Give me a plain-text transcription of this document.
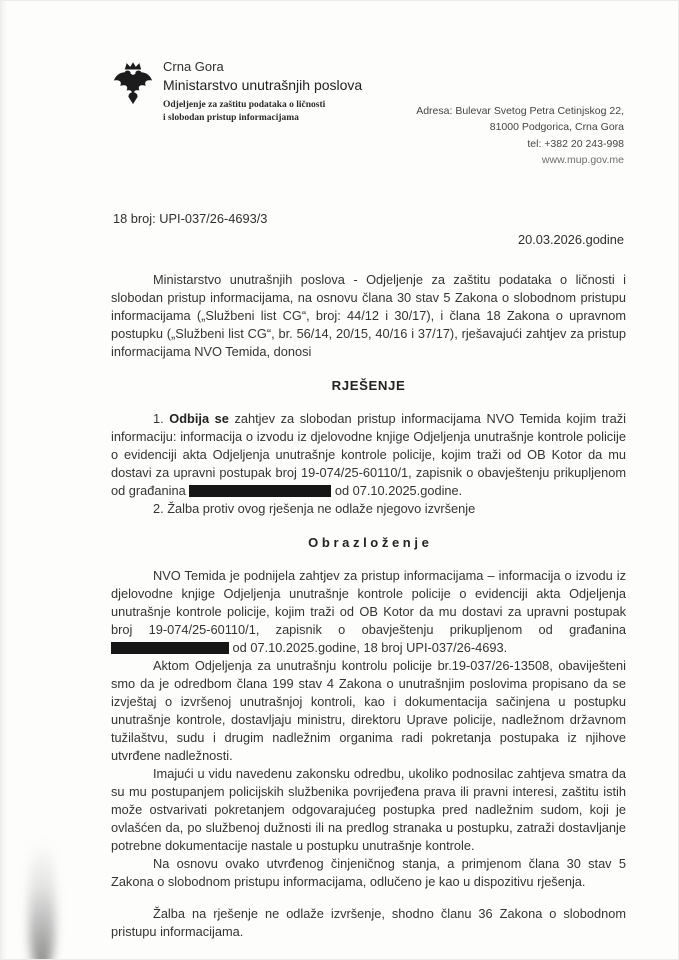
Crna Gora
Ministarstvo unutrašnjih poslova
Odjeljenje za zaštitu podataka o ličnosti
i slobodan pristup informacijama
Adresa: Bulevar Svetog Petra Cetinjskog 22,
81000 Podgorica, Crna Gora
tel: +382 20 243-998
www.mup.gov.me
18 broj: UPI-037/26-4693/3
20.03.2026.godine

Ministarstvo unutrašnjih poslova - Odjeljenje za zaštitu podataka o ličnosti i slobodan pristup informacijama, na osnovu člana 30 stav 5 Zakona o slobodnom pristupu informacijama („Službeni list CG“, broj: 44/12 i 30/17), i člana 18 Zakona o upravnom postupku („Službeni list CG“, br. 56/14, 20/15, 40/16 i 37/17), rješavajući zahtjev za pristup informacijama NVO Temida, donosi

RJEŠENJE

1. Odbija se zahtjev za slobodan pristup informacijama NVO Temida kojim traži informaciju: informacija o izvodu iz djelovodne knjige Odjeljenja unutrašnje kontrole policije o evidenciji akta Odjeljenja unutrašnje kontrole policije, kojim traži od OB Kotor da mu dostavi za upravni postupak broj 19-074/25-60110/1, zapisnik o obavještenju prikupljenom od građanina	od 07.10.2025.godine.

2. Žalba protiv ovog rješenja ne odlaže njegovo izvršenje

O b r a z l o ž e n j e

NVO Temida je podnijela zahtjev za pristup informacijama – informacija o izvodu iz djelovodne knjige Odjeljenja unutrašnje kontrole policije o evidenciji akta Odjeljenja unutrašnje kontrole policije, kojim traži od OB Kotor da mu dostavi za upravni postupak broj 19-074/25-60110/1, zapisnik o obavještenju prikupljenom od građanina  od 07.10.2025.godine, 18 broj UPI-037/26-4693.

Aktom Odjeljenja za unutrašnju kontrolu policije br.19-037/26-13508, obaviješteni smo da je odredbom člana 199 stav 4 Zakona o unutrašnjim poslovima propisano da se izvještaj o izvršenoj unutrašnjoj kontroli, kao i dokumentacija sačinjena u postupku unutrašnje kontrole, dostavljaju ministru, direktoru Uprave policije, nadležnom državnom tužilaštvu, sudu i drugim nadležnim organima radi pokretanja postupaka iz njihove utvrđene nadležnosti.

Imajući u vidu navedenu zakonsku odredbu, ukoliko podnosilac zahtjeva smatra da su mu postupanjem policijskih službenika povrijeđena prava ili pravni interesi, zaštitu istih može ostvarivati pokretanjem odgovarajućeg postupka pred nadležnim sudom, koji je ovlašćen da, po službenoj dužnosti ili na predlog stranaka u postupku, zatraži dostavljanje potrebne dokumentacije nastale u postupku unutrašnje kontrole.

Na osnovu ovako utvrđenog činjeničnog stanja, a primjenom člana 30 stav 5 Zakona o slobodnom pristupu informacijama, odlučeno je kao u dispozitivu rješenja.

Žalba na rješenje ne odlaže izvršenje, shodno članu 36 Zakona o slobodnom pristupu informacijama.
